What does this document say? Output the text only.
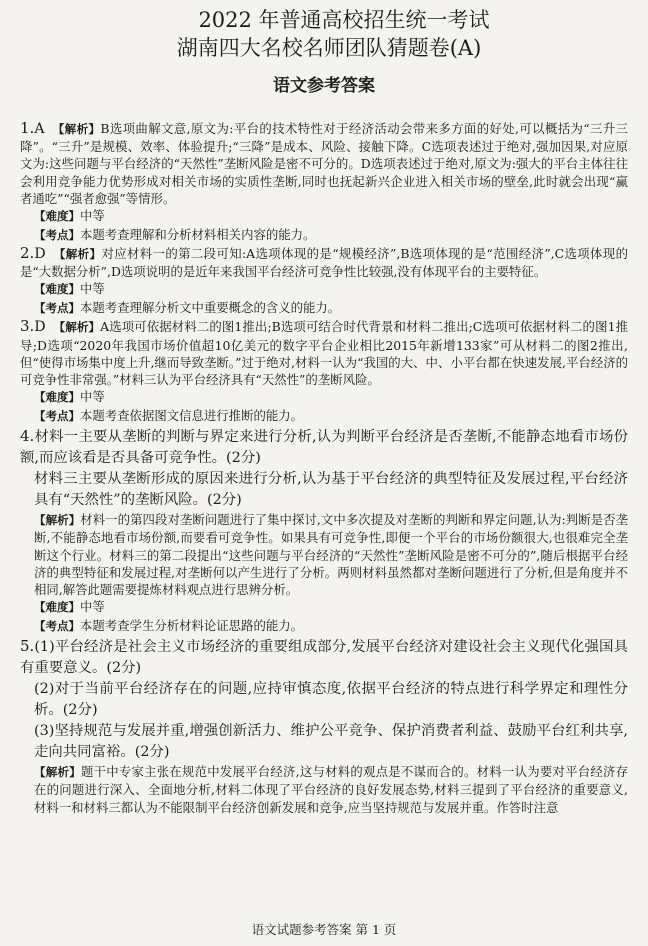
2022 年普通高校招生统一考试
湖南四大名校名师团队猜题卷(A)
语文参考答案
1.A 【解析】B选项曲解文意,原文为:平台的技术特性对于经济活动会带来多方面的好处,可以概括为“三升三降”。“三升”是规模、效率、体验提升;“三降”是成本、风险、接触下降。C选项表述过于绝对,强加因果,对应原文为:这些问题与平台经济的“天然性”垄断风险是密不可分的。D选项表述过于绝对,原文为:强大的平台主体往往会利用竞争能力优势形成对相关市场的实质性垄断,同时也抚起新兴企业进入相关市场的壁垒,此时就会出现“赢者通吃”“强者愈强”等情形。
【难度】中等
【考点】本题考查理解和分析材料相关内容的能力。
2.D 【解析】对应材料一的第二段可知:A选项体现的是“规模经济”,B选项体现的是“范围经济”,C选项体现的是“大数据分析”,D选项说明的是近年来我国平台经济可竞争性比较强,没有体现平台的主要特征。
【难度】中等
【考点】本题考查理解分析文中重要概念的含义的能力。
3.D 【解析】A选项可依据材料二的图1推出;B选项可结合时代背景和材料二推出;C选项可依据材料二的图1推导;D选项“2020年我国市场价值超10亿美元的数字平台企业相比2015年新增133家”可从材料二的图2推出,但“使得市场集中度上升,继而导致垄断。”过于绝对,材料一认为“我国的大、中、小平台都在快速发展,平台经济的可竞争性非常强。”材料三认为平台经济具有“天然性”的垄断风险。
【难度】中等
【考点】本题考查依据图文信息进行推断的能力。
4.材料一主要从垄断的判断与界定来进行分析,认为判断平台经济是否垄断,不能静态地看市场份额,而应该看是否具备可竞争性。(2分)
材料三主要从垄断形成的原因来进行分析,认为基于平台经济的典型特征及发展过程,平台经济具有“天然性”的垄断风险。(2分)
【解析】材料一的第四段对垄断问题进行了集中探讨,文中多次提及对垄断的判断和界定问题,认为:判断是否垄断,不能静态地看市场份额,而要看可竞争性。如果具有可竞争性,即便一个平台的市场份额很大,也很难完全垄断这个行业。材料三的第二段提出“这些问题与平台经济的“天然性”垄断风险是密不可分的”,随后根据平台经济的典型特征和发展过程,对垄断何以产生进行了分析。两则材料虽然都对垄断问题进行了分析,但是角度并不相同,解答此题需要提炼材料观点进行思辨分析。
【难度】中等
【考点】本题考查学生分析材料论证思路的能力。
5.(1)平台经济是社会主义市场经济的重要组成部分,发展平台经济对建设社会主义现代化强国具有重要意义。(2分)
(2)对于当前平台经济存在的问题,应持审慎态度,依据平台经济的特点进行科学界定和理性分析。(2分)
(3)坚持规范与发展并重,增强创新活力、维护公平竞争、保护消费者利益、鼓励平台红利共享,走向共同富裕。(2分)
【解析】题干中专家主张在规范中发展平台经济,这与材料的观点是不谋而合的。材料一认为要对平台经济存在的问题进行深入、全面地分析,材料二体现了平台经济的良好发展态势,材料三提到了平台经济的重要意义,材料一和材料三都认为不能限制平台经济创新发展和竞争,应当坚持规范与发展并重。作答时注意
语文试题参考答案 第 1 页
